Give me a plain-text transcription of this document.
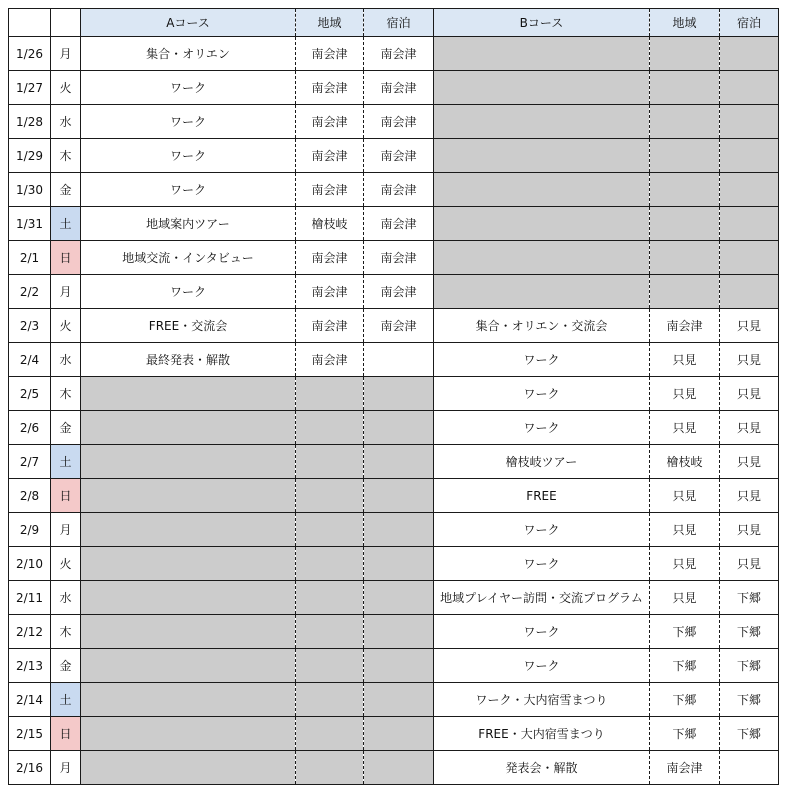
		Aコース	地域	宿泊	Bコース	地域	宿泊
1/26	月	集合・オリエン	南会津	南会津			
1/27	火	ワーク	南会津	南会津			
1/28	水	ワーク	南会津	南会津			
1/29	木	ワーク	南会津	南会津			
1/30	金	ワーク	南会津	南会津			
1/31	土	地域案内ツアー	檜枝岐	南会津			
2/1	日	地域交流・インタビュー	南会津	南会津			
2/2	月	ワーク	南会津	南会津			
2/3	火	FREE・交流会	南会津	南会津	集合・オリエン・交流会	南会津	只見
2/4	水	最終発表・解散	南会津		ワーク	只見	只見
2/5	木				ワーク	只見	只見
2/6	金				ワーク	只見	只見
2/7	土				檜枝岐ツアー	檜枝岐	只見
2/8	日				FREE	只見	只見
2/9	月				ワーク	只見	只見
2/10	火				ワーク	只見	只見
2/11	水				地域プレイヤー訪問・交流プログラム	只見	下郷
2/12	木				ワーク	下郷	下郷
2/13	金				ワーク	下郷	下郷
2/14	土				ワーク・大内宿雪まつり	下郷	下郷
2/15	日				FREE・大内宿雪まつり	下郷	下郷
2/16	月				発表会・解散	南会津	
